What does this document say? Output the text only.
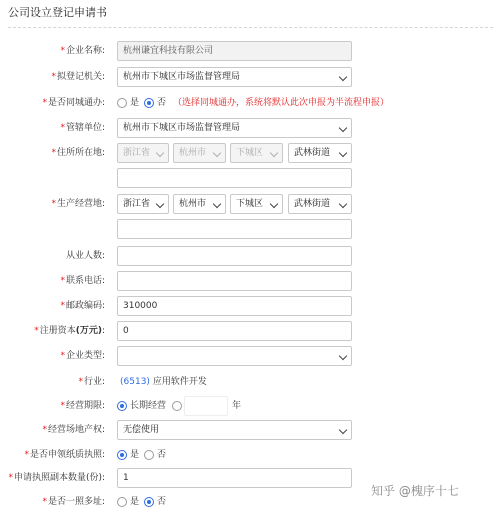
公司设立登记申请书
*企业名称:	杭州谦宜科技有限公司
*拟登记机关:	杭州市下城区市场监督管理局
*是否同城通办:	是 否 （选择同城通办，系统将默认此次申报为半流程申报）
*管辖单位:	杭州市下城区市场监督管理局
*住所所在地:	浙江省	杭州市	下城区	武林街道
*生产经营地:	浙江省	杭州市	下城区	武林街道
从业人数:
*联系电话:
*邮政编码:	310000
*注册资本(万元):	0
*企业类型:
*行业: (6513) 应用软件开发
*经营期限:	长期经营	年
*经营场地产权:	无偿使用
*是否申领纸质执照:	是 否
*申请执照副本数量(份):	1
*是否一照多址:	是 否
知乎 @槐序十七
